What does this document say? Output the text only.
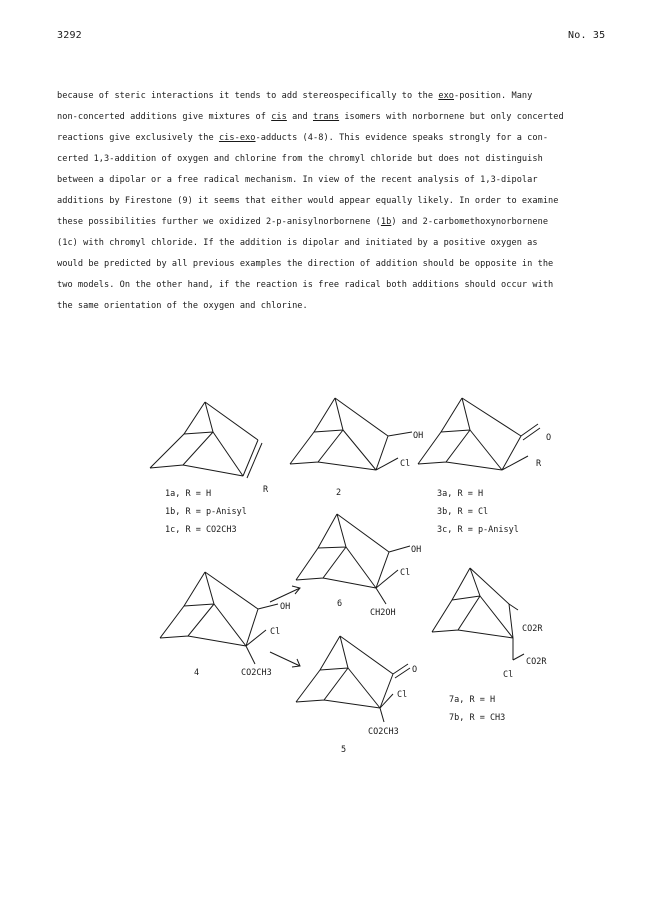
3292	No. 35
because of steric interactions it tends to add stereospecifically to the exo-position. Many
non-concerted additions give mixtures of cis and trans isomers with norbornene but only concerted
reactions give exclusively the cis-exo-adducts (4-8). This evidence speaks strongly for a con-
certed 1,3-addition of oxygen and chlorine from the chromyl chloride but does not distinguish
between a dipolar or a free radical mechanism. In view of the recent analysis of 1,3-dipolar
additions by Firestone (9) it seems that either would appear equally likely. In order to examine
these possibilities further we oxidized 2-p-anisylnorbornene (1b) and 2-carbomethoxynorbornene
(1c) with chromyl chloride. If the addition is dipolar and initiated by a positive oxygen as
would be predicted by all previous examples the direction of addition should be opposite in the
two models. On the other hand, if the reaction is free radical both additions should occur with
the same orientation of the oxygen and chlorine.
R
1a, R = H
1b, R = p-Anisyl
1c, R = CO2CH3
OH
Cl
2
O
R
3a, R = H
3b, R = Cl
3c, R = p-Anisyl
OH
Cl
CH2OH
6
OH
Cl
CO2CH3
4	O
Cl
CO2CH3
5
CO2R
CO2R
Cl
7a, R = H
7b, R = CH3
